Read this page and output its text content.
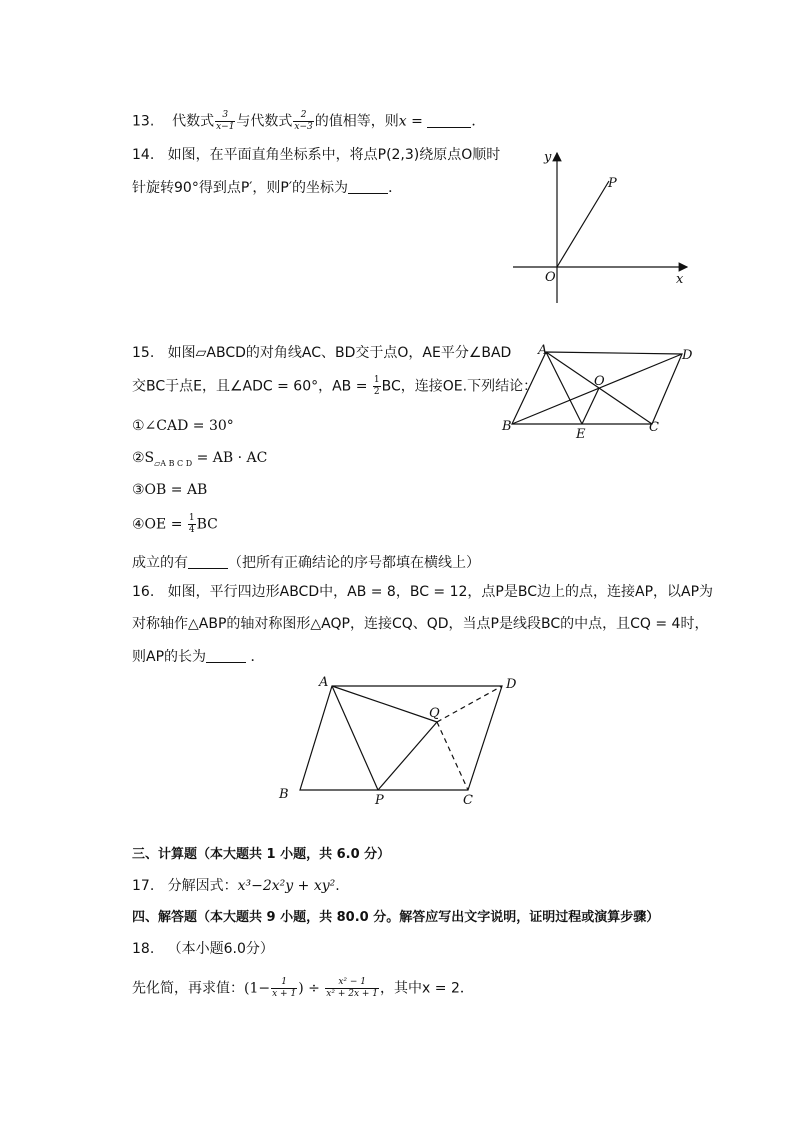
13. 代数式 $\frac{3}{x-1}$ 与代数式 $\frac{2}{x-3}$ 的值相等，则x =	．
14. 如图，在平面直角坐标系中，将点P(2,3)绕原点O顺时
针旋转90°得到点P′，则P′的坐标为	．
y
x
O
P
15. 如图▱ABCD的对角线AC、BD交于点O，AE平分∠BAD
交BC于点E，且∠ADC = 60°，AB = $\frac{1}{2}$ BC，连接OE.下列结论：
①∠CAD = 30°
$②S_{▱A B C D}$ = AB · AC
③OB = AB
④OE = $\frac{1}{4}$ BC
成立的有	（把所有正确结论的序号都填在横线上）
A	D
O
B
E	C
16. 如图，平行四边形ABCD中，AB = 8，BC = 12，点P是BC边上的点，连接AP，以AP为
对称轴作△ABP的轴对称图形△AQP，连接CQ、QD，当点P是线段BC的中点，且CQ = 4时，
则AP的长为	．
A	D
Q
B	P	C
三、计算题（本大题共 1 小题，共 6.0 分）
17. 分解因式：x³−2x²y + xy².
四、解答题（本大题共 9 小题，共 80.0 分。解答应写出文字说明，证明过程或演算步骤）
18. （本小题6.0分）
先化简，再求值：($1- \frac{1}{x + 1}$ ) ÷ $\frac{\text{x² − 1}}{\text{x² + 2x + 1}}$ ，其中x = 2．
